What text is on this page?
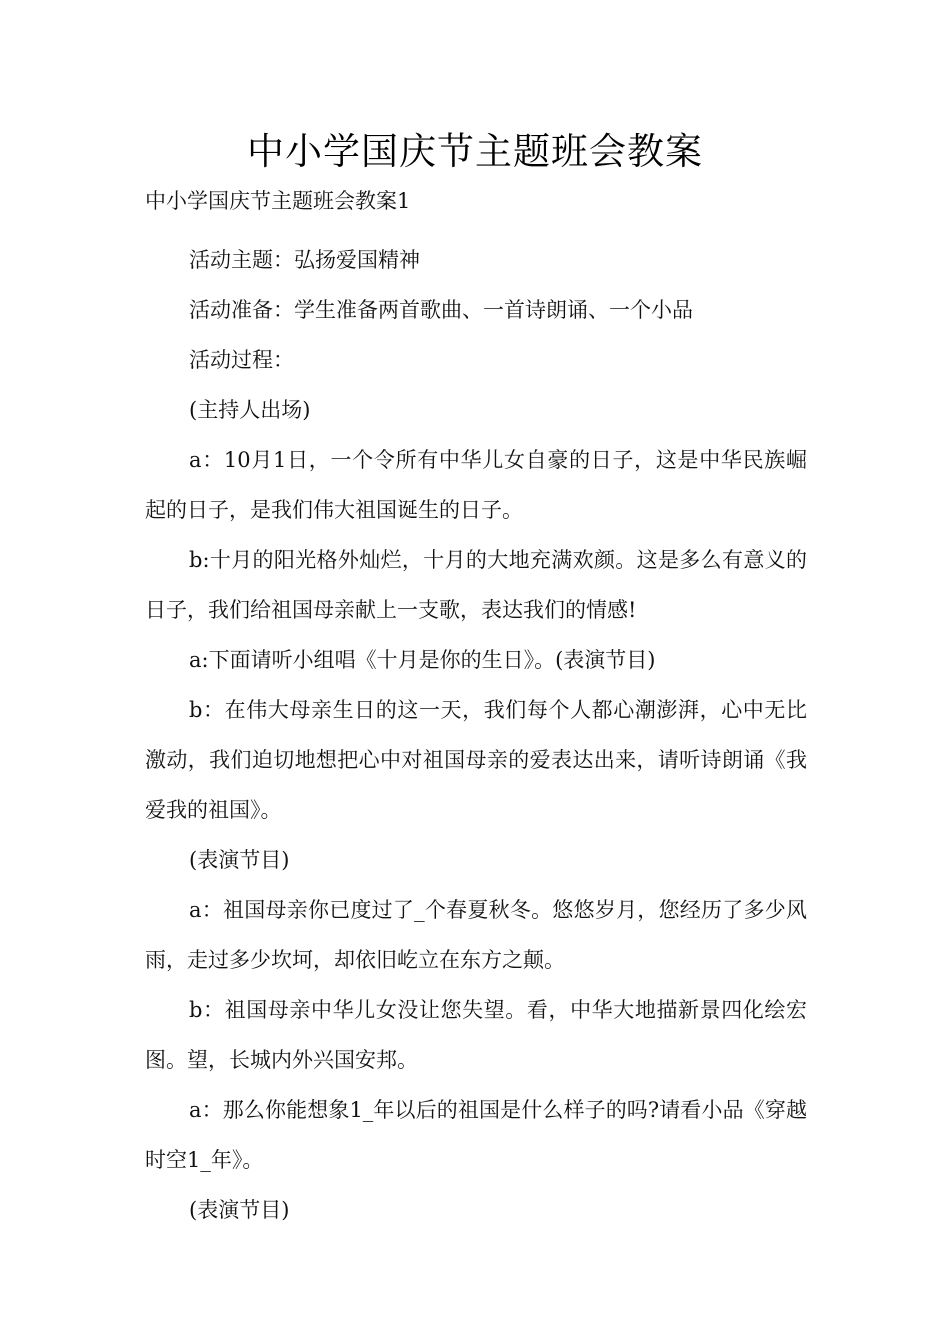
中小学国庆节主题班会教案
中小学国庆节主题班会教案1

活动主题：弘扬爱国精神

活动准备：学生准备两首歌曲、一首诗朗诵、一个小品

活动过程：

(主持人出场)

a：10月1日，一个令所有中华儿女自豪的日子，这是中华民族崛起的日子，是我们伟大祖国诞生的日子。

b:十月的阳光格外灿烂，十月的大地充满欢颜。这是多么有意义的日子，我们给祖国母亲献上一支歌，表达我们的情感!

a:下面请听小组唱《十月是你的生日》。(表演节目)

b：在伟大母亲生日的这一天，我们每个人都心潮澎湃，心中无比激动，我们迫切地想把心中对祖国母亲的爱表达出来，请听诗朗诵《我爱我的祖国》。

(表演节目)

a：祖国母亲你已度过了_个春夏秋冬。悠悠岁月，您经历了多少风雨，走过多少坎坷，却依旧屹立在东方之颠。

b：祖国母亲中华儿女没让您失望。看，中华大地描新景四化绘宏图。望，长城内外兴国安邦。

a：那么你能想象1_年以后的祖国是什么样子的吗?请看小品《穿越时空1_年》。

(表演节目)
